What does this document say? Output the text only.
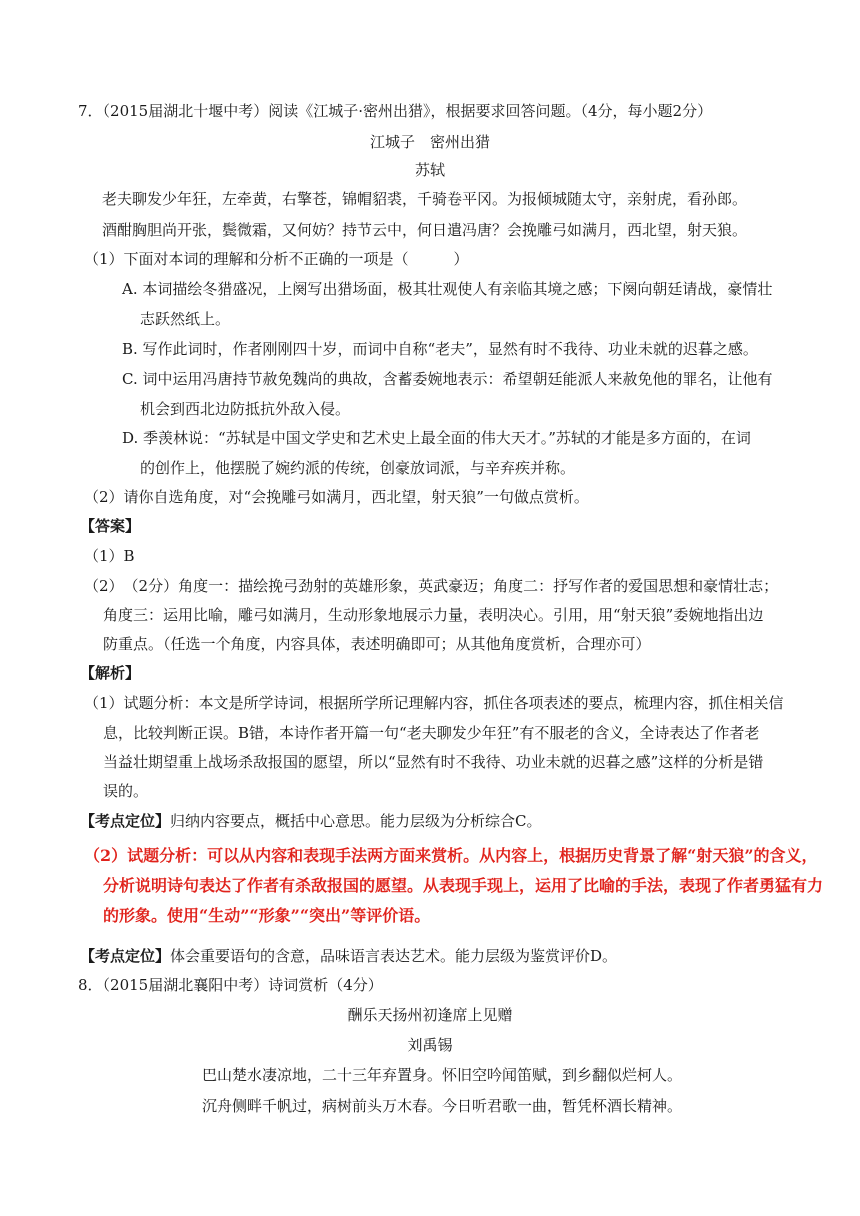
7．（2015届湖北十堰中考）阅读《江城子·密州出猎》，根据要求回答问题。（4分，每小题2分）
江城子　密州出猎
苏轼
老夫聊发少年狂，左牵黄，右擎苍，锦帽貂裘，千骑卷平冈。为报倾城随太守，亲射虎，看孙郎。
酒酣胸胆尚开张，鬓微霜，又何妨？持节云中，何日遣冯唐？会挽雕弓如满月，西北望，射天狼。
（1）下面对本词的理解和分析不正确的一项是（　　　）
A. 本词描绘冬猎盛况，上阕写出猎场面，极其壮观使人有亲临其境之感；下阕向朝廷请战，豪情壮
志跃然纸上。
B. 写作此词时，作者刚刚四十岁，而词中自称“老夫”，显然有时不我待、功业未就的迟暮之感。
C. 词中运用冯唐持节赦免魏尚的典故，含蓄委婉地表示：希望朝廷能派人来赦免他的罪名，让他有
机会到西北边防抵抗外敌入侵。
D. 季羡林说：“苏轼是中国文学史和艺术史上最全面的伟大天才。”苏轼的才能是多方面的，在词
的创作上，他摆脱了婉约派的传统，创豪放词派，与辛弃疾并称。
（2）请你自选角度，对“会挽雕弓如满月，西北望，射天狼”一句做点赏析。
【答案】
（1）B
（2）　（2分）角度一：描绘挽弓劲射的英雄形象，英武豪迈；角度二：抒写作者的爱国思想和豪情壮志；
角度三：运用比喻，雕弓如满月，生动形象地展示力量，表明决心。引用，用“射天狼”委婉地指出边
防重点。（任选一个角度，内容具体，表述明确即可；从其他角度赏析，合理亦可）
【解析】
（1）试题分析：本文是所学诗词，根据所学所记理解内容，抓住各项表述的要点，梳理内容，抓住相关信
息，比较判断正误。B错，本诗作者开篇一句“老夫聊发少年狂”有不服老的含义，全诗表达了作者老
当益壮期望重上战场杀敌报国的愿望，所以“显然有时不我待、功业未就的迟暮之感”这样的分析是错
误的。
【考点定位】归纳内容要点，概括中心意思。能力层级为分析综合C。
（2）试题分析：可以从内容和表现手法两方面来赏析。从内容上，根据历史背景了解“射天狼”的含义，
分析说明诗句表达了作者有杀敌报国的愿望。从表现手现上，运用了比喻的手法，表现了作者勇猛有力
的形象。使用“生动”“形象”“突出”等评价语。
【考点定位】体会重要语句的含意，品味语言表达艺术。能力层级为鉴赏评价D。
8．（2015届湖北襄阳中考）诗词赏析（4分）
酬乐天扬州初逢席上见赠
刘禹锡
巴山楚水凄凉地，二十三年弃置身。怀旧空吟闻笛赋，到乡翻似烂柯人。
沉舟侧畔千帆过，病树前头万木春。今日听君歌一曲，暂凭杯酒长精神。
